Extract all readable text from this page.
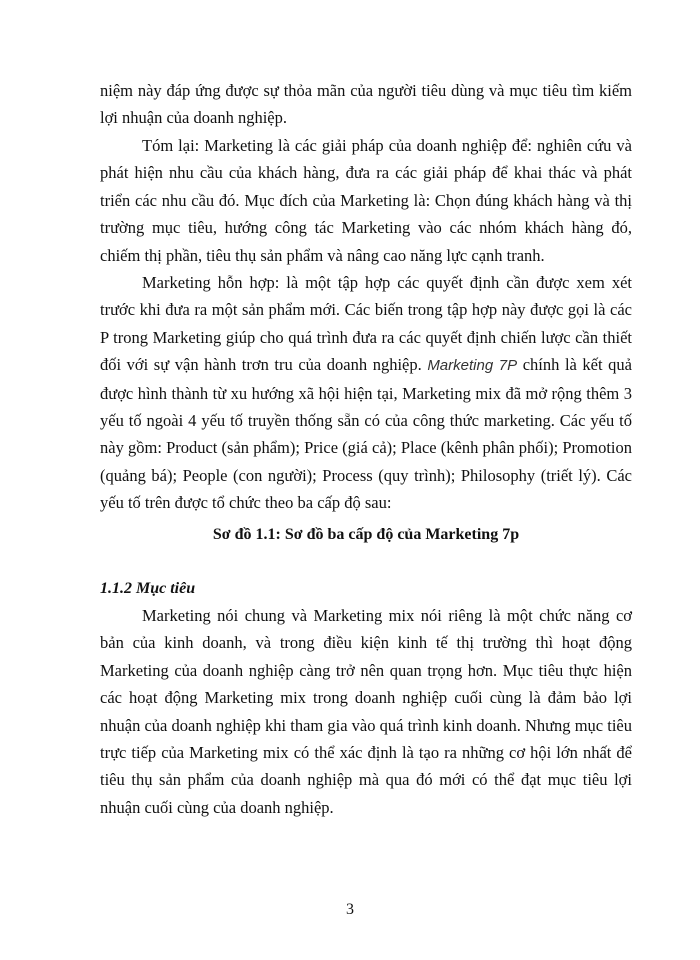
niệm này đáp ứng được sự thỏa mãn của người tiêu dùng và mục tiêu tìm kiếm lợi nhuận của doanh nghiệp.

Tóm lại: Marketing là các giải pháp của doanh nghiệp để: nghiên cứu và phát hiện nhu cầu của khách hàng, đưa ra các giải pháp để khai thác và phát triển các nhu cầu đó. Mục đích của Marketing là: Chọn đúng khách hàng và thị trường mục tiêu, hướng công tác Marketing vào các nhóm khách hàng đó, chiếm thị phần, tiêu thụ sản phẩm và nâng cao năng lực cạnh tranh.

Marketing hỗn hợp: là một tập hợp các quyết định cần được xem xét trước khi đưa ra một sản phẩm mới. Các biến trong tập hợp này được gọi là các P trong Marketing giúp cho quá trình đưa ra các quyết định chiến lược cần thiết đối với sự vận hành trơn tru của doanh nghiệp. Marketing 7P chính là kết quả được hình thành từ xu hướng xã hội hiện tại, Marketing mix đã mở rộng thêm 3 yếu tố ngoài 4 yếu tố truyền thống sẵn có của công thức marketing. Các yếu tố này gồm: Product (sản phẩm); Price (giá cả); Place (kênh phân phối); Promotion (quảng bá); People (con người); Process (quy trình); Philosophy (triết lý). Các yếu tố trên được tổ chức theo ba cấp độ sau:

Sơ đồ 1.1: Sơ đồ ba cấp độ của Marketing 7p

1.1.2 Mục tiêu

Marketing nói chung và Marketing mix nói riêng là một chức năng cơ bản của kinh doanh, và trong điều kiện kinh tế thị trường thì hoạt động Marketing của doanh nghiệp càng trở nên quan trọng hơn. Mục tiêu thực hiện các hoạt động Marketing mix trong doanh nghiệp cuối cùng là đảm bảo lợi nhuận của doanh nghiệp khi tham gia vào quá trình kinh doanh. Nhưng mục tiêu trực tiếp của Marketing mix có thể xác định là tạo ra những cơ hội lớn nhất để tiêu thụ sản phẩm của doanh nghiệp mà qua đó mới có thể đạt mục tiêu lợi nhuận cuối cùng của doanh nghiệp.

3
